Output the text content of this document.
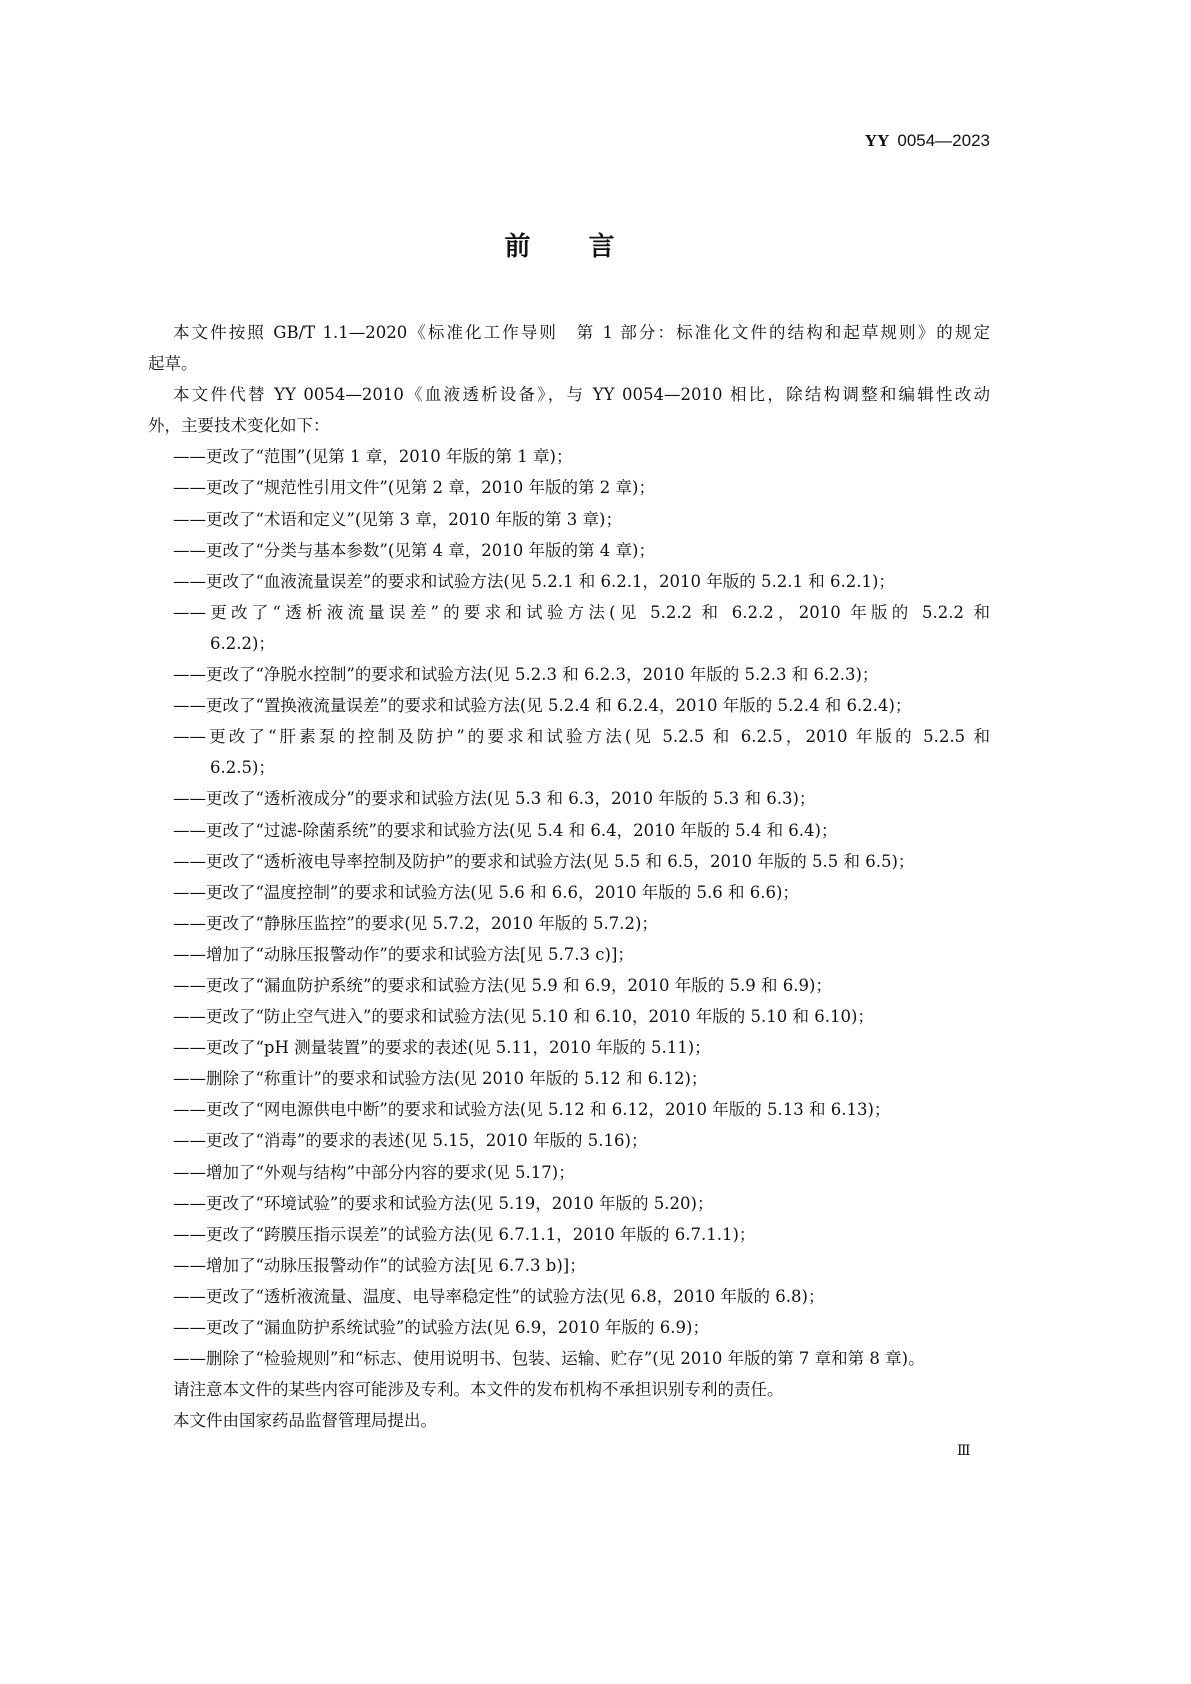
YY 0054—2023
前 言
本文件按照 GB/T 1.1—2020《标准化工作导则　第 1 部分：标准化文件的结构和起草规则》的规定
起草。
本文件代替 YY 0054—2010《血液透析设备》，与 YY 0054—2010 相比，除结构调整和编辑性改动
外，主要技术变化如下：
——更改了“范围”(见第 1 章，2010 年版的第 1 章)；
——更改了“规范性引用文件”(见第 2 章，2010 年版的第 2 章)；
——更改了“术语和定义”(见第 3 章，2010 年版的第 3 章)；
——更改了“分类与基本参数”(见第 4 章，2010 年版的第 4 章)；
——更改了“血液流量误差”的要求和试验方法(见 5.2.1 和 6.2.1，2010 年版的 5.2.1 和 6.2.1)；
——更改了“透析液流量误差”的要求和试验方法(见 5.2.2 和 6.2.2，2010 年版的 5.2.2 和
6.2.2)；
——更改了“净脱水控制”的要求和试验方法(见 5.2.3 和 6.2.3，2010 年版的 5.2.3 和 6.2.3)；
——更改了“置换液流量误差”的要求和试验方法(见 5.2.4 和 6.2.4，2010 年版的 5.2.4 和 6.2.4)；
——更改了“肝素泵的控制及防护”的要求和试验方法(见 5.2.5 和 6.2.5，2010 年版的 5.2.5 和
6.2.5)；
——更改了“透析液成分”的要求和试验方法(见 5.3 和 6.3，2010 年版的 5.3 和 6.3)；
——更改了“过滤-除菌系统”的要求和试验方法(见 5.4 和 6.4，2010 年版的 5.4 和 6.4)；
——更改了“透析液电导率控制及防护”的要求和试验方法(见 5.5 和 6.5，2010 年版的 5.5 和 6.5)；
——更改了“温度控制”的要求和试验方法(见 5.6 和 6.6，2010 年版的 5.6 和 6.6)；
——更改了“静脉压监控”的要求(见 5.7.2，2010 年版的 5.7.2)；
——增加了“动脉压报警动作”的要求和试验方法[见 5.7.3 c)]；
——更改了“漏血防护系统”的要求和试验方法(见 5.9 和 6.9，2010 年版的 5.9 和 6.9)；
——更改了“防止空气进入”的要求和试验方法(见 5.10 和 6.10，2010 年版的 5.10 和 6.10)；
——更改了“pH 测量装置”的要求的表述(见 5.11，2010 年版的 5.11)；
——删除了“称重计”的要求和试验方法(见 2010 年版的 5.12 和 6.12)；
——更改了“网电源供电中断”的要求和试验方法(见 5.12 和 6.12，2010 年版的 5.13 和 6.13)；
——更改了“消毒”的要求的表述(见 5.15，2010 年版的 5.16)；
——增加了“外观与结构”中部分内容的要求(见 5.17)；
——更改了“环境试验”的要求和试验方法(见 5.19，2010 年版的 5.20)；
——更改了“跨膜压指示误差”的试验方法(见 6.7.1.1，2010 年版的 6.7.1.1)；
——增加了“动脉压报警动作”的试验方法[见 6.7.3 b)]；
——更改了“透析液流量、温度、电导率稳定性”的试验方法(见 6.8，2010 年版的 6.8)；
——更改了“漏血防护系统试验”的试验方法(见 6.9，2010 年版的 6.9)；
——删除了“检验规则”和“标志、使用说明书、包装、运输、贮存”(见 2010 年版的第 7 章和第 8 章)。
请注意本文件的某些内容可能涉及专利。本文件的发布机构不承担识别专利的责任。
本文件由国家药品监督管理局提出。
Ⅲ
